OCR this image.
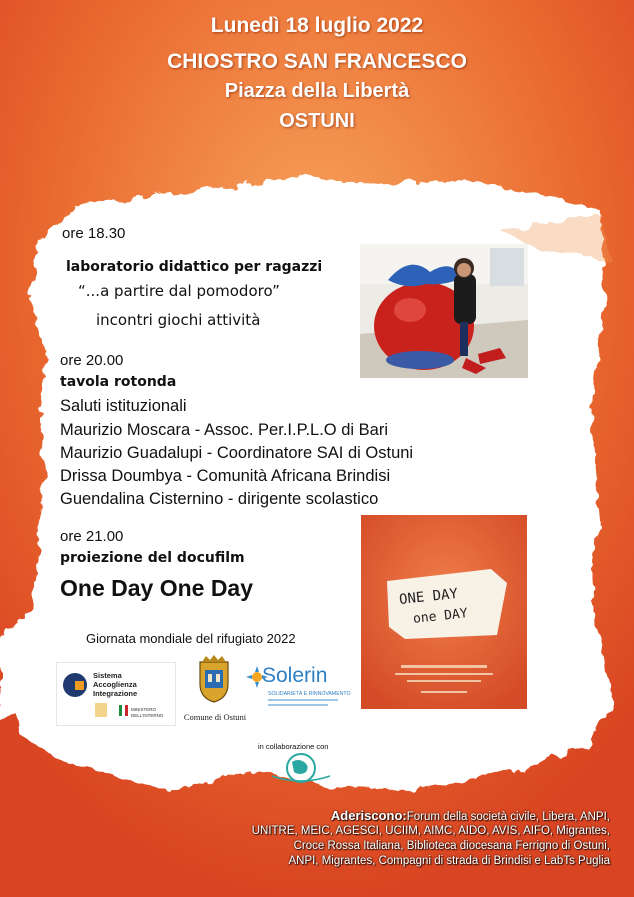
Lunedì 18 luglio 2022
CHIOSTRO SAN FRANCESCO
Piazza della Libertà
OSTUNI
ore 18.30
laboratorio didattico per ragazzi
“...a partire dal pomodoro”
incontri giochi attività
ore 20.00
tavola rotonda
Saluti istituzionali
Maurizio Moscara - Assoc. Per.I.P.L.O di Bari
Maurizio Guadalupi - Coordinatore SAI di Ostuni
Drissa Doumbya - Comunità Africana Brindisi
Guendalina Cisternino - dirigente scolastico
ore 21.00
proiezione del docufilm
One Day One Day	ONE DAY
one DAY
Giornata mondiale del rifugiato 2022
Sistema
Accoglienza
Integrazione
MINISTERO DELL'INTERNO	Comune di Ostuni
Solerin
SOLIDARIETÀ E RINNOVAMENTO
in collaborazione con
Aderiscono:Forum della società civile, Libera, ANPI,
UNITRE, MEIC, AGESCI, UCIIM, AIMC, AIDO, AVIS, AIFO, Migrantes,
Croce Rossa Italiana, Biblioteca diocesana Ferrigno di Ostuni,
ANPI, Migrantes, Compagni di strada di Brindisi e LabTs Puglia
